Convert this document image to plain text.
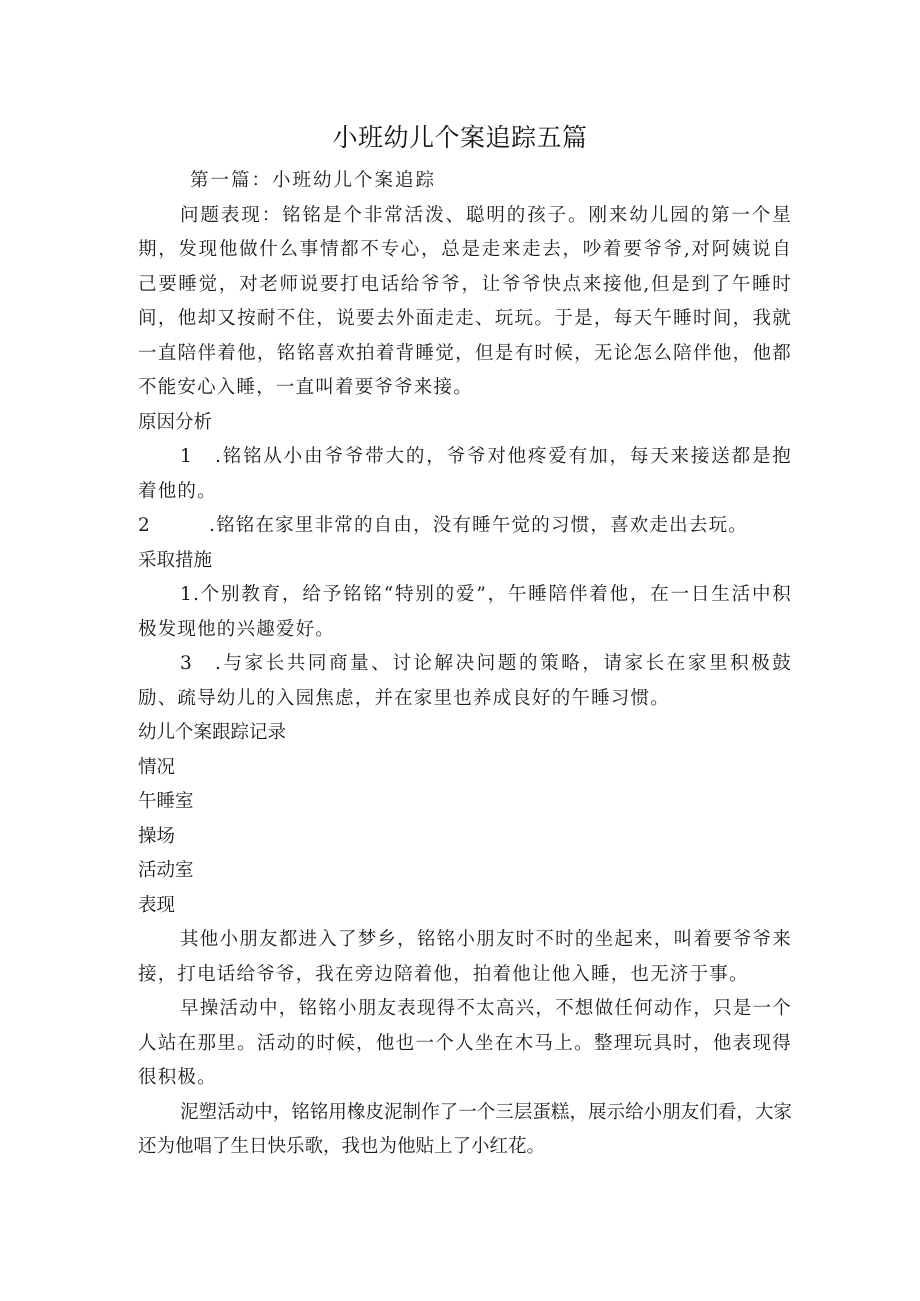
小班幼儿个案追踪五篇

第一篇：小班幼儿个案追踪

问题表现：铭铭是个非常活泼、聪明的孩子。刚来幼儿园的第一个星期，发现他做什么事情都不专心，总是走来走去，吵着要爷爷,对阿姨说自己要睡觉，对老师说要打电话给爷爷，让爷爷快点来接他,但是到了午睡时间，他却又按耐不住，说要去外面走走、玩玩。于是，每天午睡时间，我就一直陪伴着他，铭铭喜欢拍着背睡觉，但是有时候，无论怎么陪伴他，他都不能安心入睡，一直叫着要爷爷来接。

原因分析

1 .铭铭从小由爷爷带大的，爷爷对他疼爱有加，每天来接送都是抱着他的。

2	.铭铭在家里非常的自由，没有睡午觉的习惯，喜欢走出去玩。

采取措施

1.个别教育，给予铭铭“特别的爱”，午睡陪伴着他，在一日生活中积极发现他的兴趣爱好。

3 .与家长共同商量、讨论解决问题的策略，请家长在家里积极鼓励、疏导幼儿的入园焦虑，并在家里也养成良好的午睡习惯。

幼儿个案跟踪记录

情况

午睡室

操场

活动室

表现

其他小朋友都进入了梦乡，铭铭小朋友时不时的坐起来，叫着要爷爷来接，打电话给爷爷，我在旁边陪着他，拍着他让他入睡，也无济于事。

早操活动中，铭铭小朋友表现得不太高兴，不想做任何动作，只是一个人站在那里。活动的时候，他也一个人坐在木马上。整理玩具时，他表现得很积极。

泥塑活动中，铭铭用橡皮泥制作了一个三层蛋糕，展示给小朋友们看，大家还为他唱了生日快乐歌，我也为他贴上了小红花。
